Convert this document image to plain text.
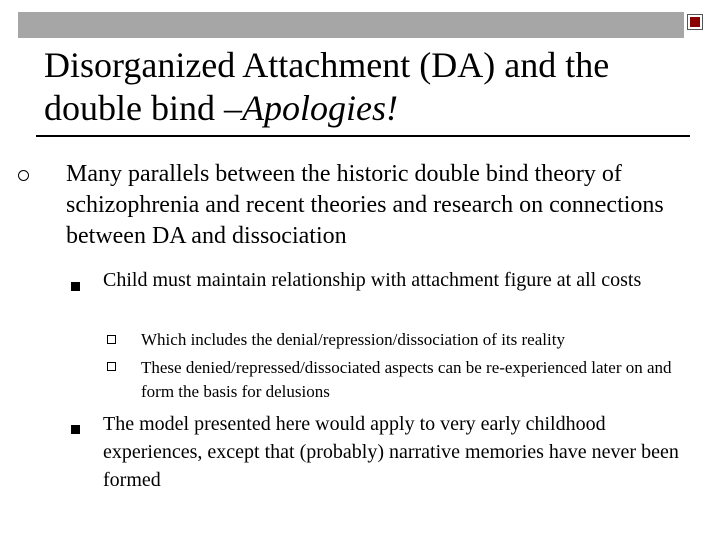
Disorganized Attachment (DA) and the double bind –Apologies!
Many parallels between the historic double bind theory of schizophrenia and recent theories and research on connections between DA and dissociation
Child must maintain relationship with attachment figure at all costs
Which includes the denial/repression/dissociation of its reality
These denied/repressed/dissociated aspects can be re-experienced later on and form the basis for delusions
The model presented here would apply to very early childhood experiences, except that (probably) narrative memories have never been formed
